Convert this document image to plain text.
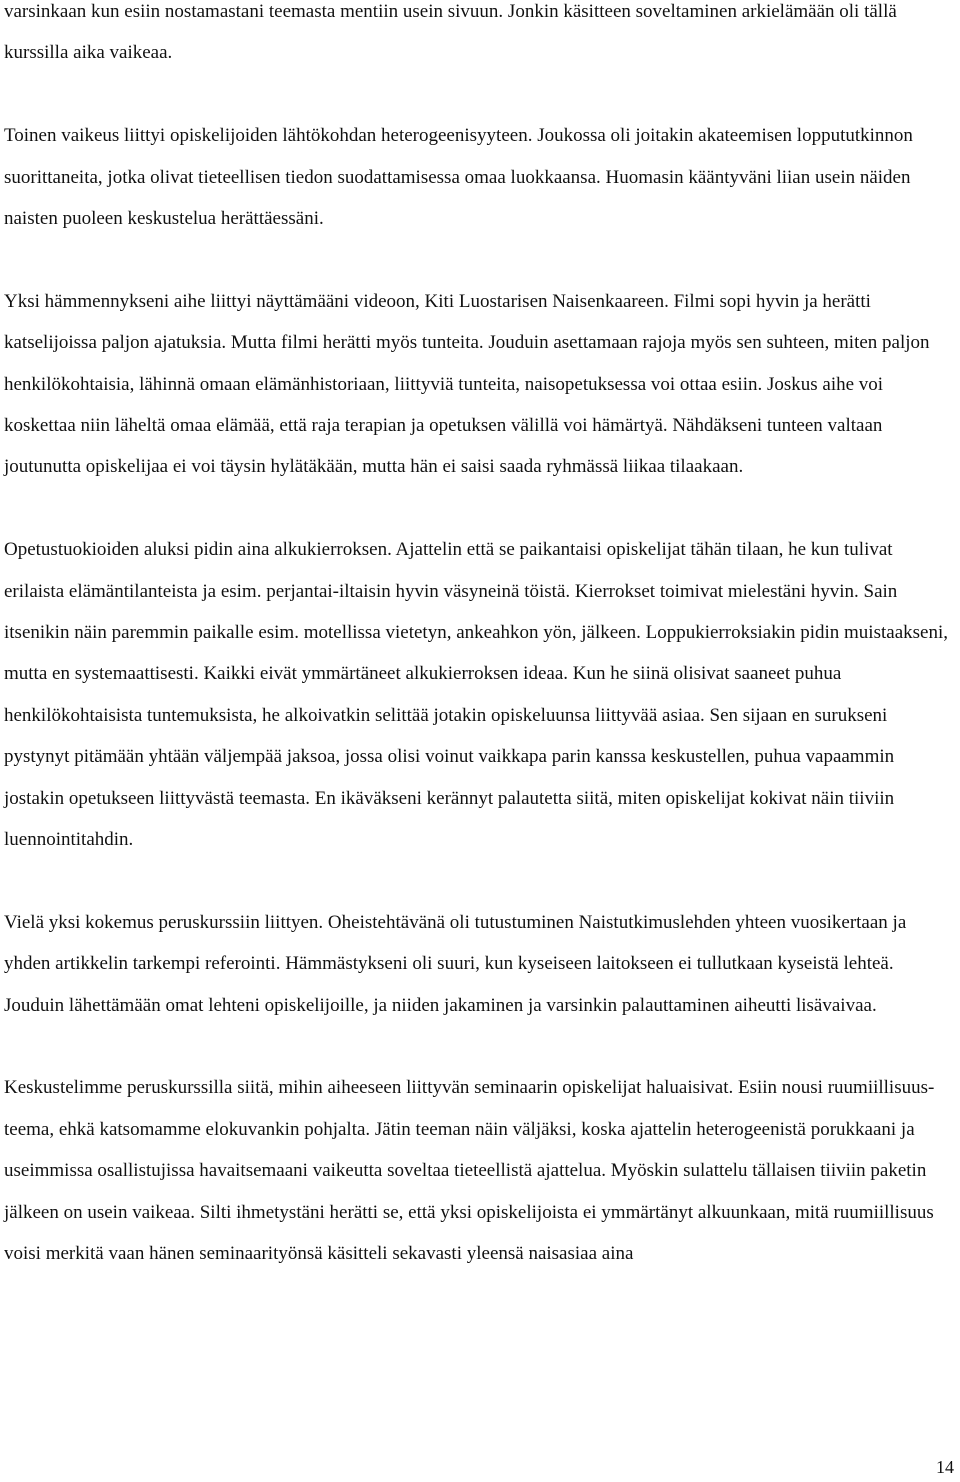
varsinkaan kun esiin nostamastani teemasta mentiin usein sivuun. Jonkin käsitteen soveltaminen arkielämään oli tällä kurssilla aika vaikeaa.

Toinen vaikeus liittyi opiskelijoiden lähtökohdan heterogeenisyyteen. Joukossa oli joitakin akateemisen loppututkinnon suorittaneita, jotka olivat tieteellisen tiedon suodattamisessa omaa luokkaansa. Huomasin kääntyväni liian usein näiden naisten puoleen keskustelua herättäessäni.

Yksi hämmennykseni aihe liittyi näyttämääni videoon, Kiti Luostarisen Naisenkaareen. Filmi sopi hyvin ja herätti katselijoissa paljon ajatuksia. Mutta filmi herätti myös tunteita. Jouduin asettamaan rajoja myös sen suhteen, miten paljon henkilökohtaisia, lähinnä omaan elämänhistoriaan, liittyviä tunteita, naisopetuksessa voi ottaa esiin. Joskus aihe voi koskettaa niin läheltä omaa elämää, että raja terapian ja opetuksen välillä voi hämärtyä. Nähdäkseni tunteen valtaan joutunutta opiskelijaa ei voi täysin hylätäkään, mutta hän ei saisi saada ryhmässä liikaa tilaakaan.

Opetustuokioiden aluksi pidin aina alkukierroksen. Ajattelin että se paikantaisi opiskelijat tähän tilaan, he kun tulivat erilaista elämäntilanteista ja esim. perjantai-iltaisin hyvin väsyneinä töistä. Kierrokset toimivat mielestäni hyvin. Sain itsenikin näin paremmin paikalle esim. motellissa vietetyn, ankeahkon yön, jälkeen. Loppukierroksiakin pidin muistaakseni, mutta en systemaattisesti. Kaikki eivät ymmärtäneet alkukierroksen ideaa. Kun he siinä olisivat saaneet puhua henkilökohtaisista tuntemuksista, he alkoivatkin selittää jotakin opiskeluunsa liittyvää asiaa. Sen sijaan en surukseni pystynyt pitämään yhtään väljempää jaksoa, jossa olisi voinut vaikkapa parin kanssa keskustellen, puhua vapaammin jostakin opetukseen liittyvästä teemasta. En ikäväkseni kerännyt palautetta siitä, miten opiskelijat kokivat näin tiiviin luennointitahdin.

Vielä yksi kokemus peruskurssiin liittyen. Oheistehtävänä oli tutustuminen Naistutkimuslehden yhteen vuosikertaan ja yhden artikkelin tarkempi referointi. Hämmästykseni oli suuri, kun kyseiseen laitokseen ei tullutkaan kyseistä lehteä. Jouduin lähettämään omat lehteni opiskelijoille, ja niiden jakaminen ja varsinkin palauttaminen aiheutti lisävaivaa.

Keskustelimme peruskurssilla siitä, mihin aiheeseen liittyvän seminaarin opiskelijat haluaisivat. Esiin nousi ruumiillisuus-teema, ehkä katsomamme elokuvankin pohjalta. Jätin teeman näin väljäksi, koska ajattelin heterogeenistä porukkaani ja useimmissa osallistujissa havaitsemaani vaikeutta soveltaa tieteellistä ajattelua. Myöskin sulattelu tällaisen tiiviin paketin jälkeen on usein vaikeaa. Silti ihmetystäni herätti se, että yksi opiskelijoista ei ymmärtänyt alkuunkaan, mitä ruumiillisuus voisi merkitä vaan hänen seminaarityönsä käsitteli sekavasti yleensä naisasiaa aina

14
